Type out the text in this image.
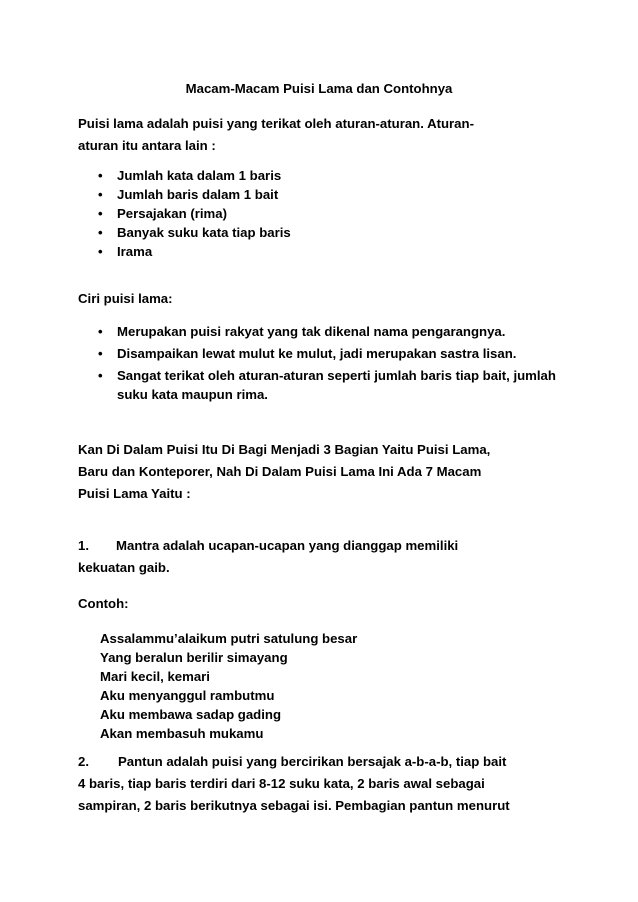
Macam-Macam Puisi Lama dan Contohnya
Puisi lama adalah puisi yang terikat oleh aturan-aturan. Aturan-
aturan itu antara lain :
• Jumlah kata dalam 1 baris
• Jumlah baris dalam 1 bait
• Persajakan (rima)
• Banyak suku kata tiap baris
• Irama
Ciri puisi lama:
• Merupakan puisi rakyat yang tak dikenal nama pengarangnya.
• Disampaikan lewat mulut ke mulut, jadi merupakan sastra lisan.
• Sangat terikat oleh aturan-aturan seperti jumlah baris tiap bait, jumlah suku kata maupun rima.
Kan Di Dalam Puisi Itu Di Bagi Menjadi 3 Bagian Yaitu Puisi Lama,
Baru dan Konteporer, Nah Di Dalam Puisi Lama Ini Ada 7 Macam
Puisi Lama Yaitu :
1. Mantra adalah ucapan-ucapan yang dianggap memiliki
kekuatan gaib.
Contoh:
Assalammu’alaikum putri satulung besar
Yang beralun berilir simayang
Mari kecil, kemari
Aku menyanggul rambutmu
Aku membawa sadap gading
Akan membasuh mukamu
2. Pantun adalah puisi yang bercirikan bersajak a-b-a-b, tiap bait
4 baris, tiap baris terdiri dari 8-12 suku kata, 2 baris awal sebagai
sampiran, 2 baris berikutnya sebagai isi. Pembagian pantun menurut
